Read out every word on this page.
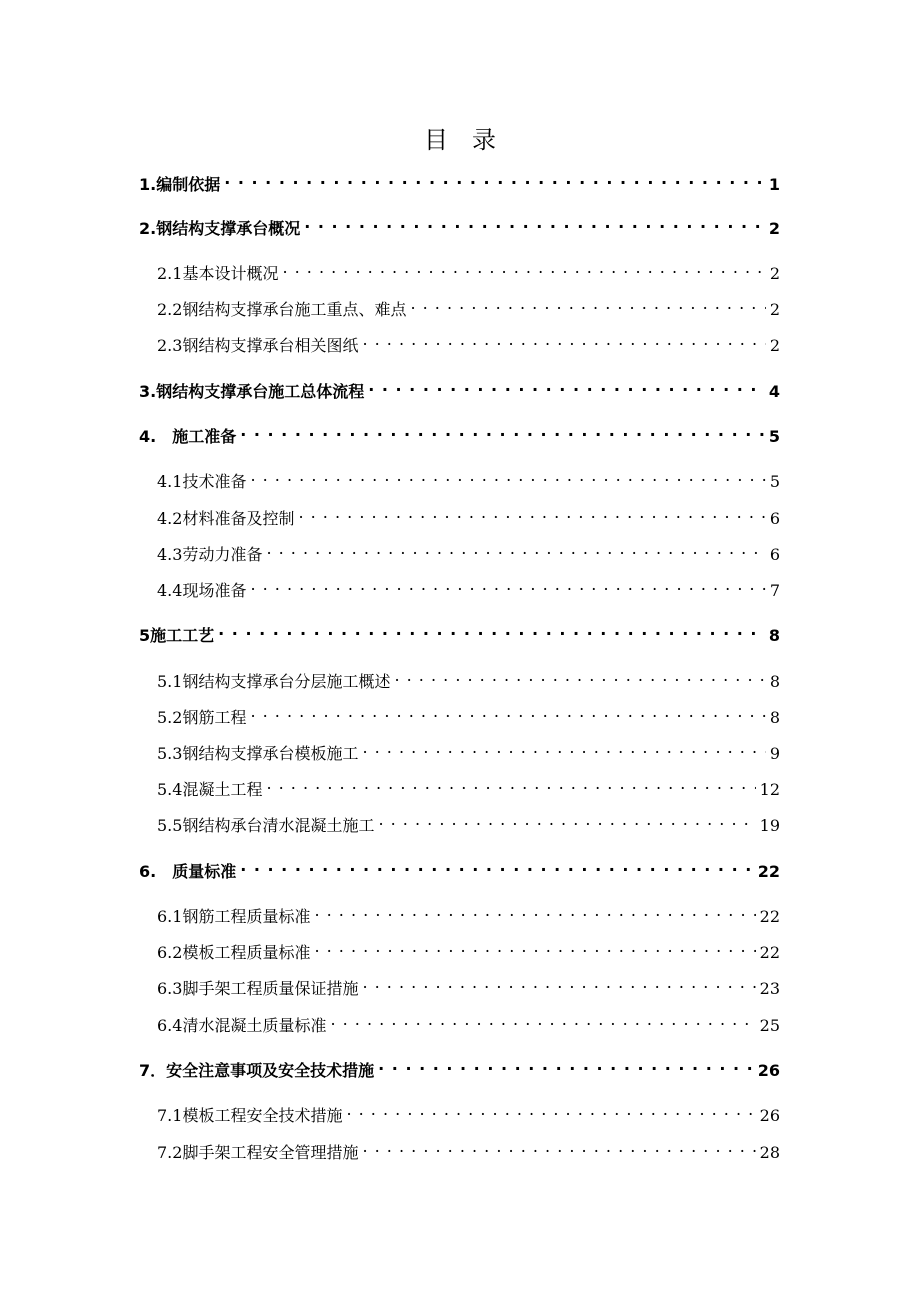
目　录
1.编制依据 . . .	1
2.钢结构支撑承台概况 . . .	2
2.1基本设计概况 . . .	2
2.2钢结构支撑承台施工重点、难点 . . .	2
2.3钢结构支撑承台相关图纸 . . .	2
3.钢结构支撑承台施工总体流程 . . .	4
4.　施工准备 . . .	5
4.1技术准备 . . .	5
4.2材料准备及控制 . . .	6
4.3劳动力准备 . . .	6
4.4现场准备 . . .	7
5施工工艺 . . .	8
5.1钢结构支撑承台分层施工概述 . . .	8
5.2钢筋工程 . . .	8
5.3钢结构支撑承台模板施工 . . .	9
5.4混凝土工程 . . .	12
5.5钢结构承台清水混凝土施工 . . .	19
6.　质量标准 . . .	22
6.1钢筋工程质量标准 . . .	22
6.2模板工程质量标准 . . .	22
6.3脚手架工程质量保证措施 . . .	23
6.4清水混凝土质量标准 . . .	25
7．安全注意事项及安全技术措施 . . .	26
7.1模板工程安全技术措施 . . .	26
7.2脚手架工程安全管理措施 . . .	28
